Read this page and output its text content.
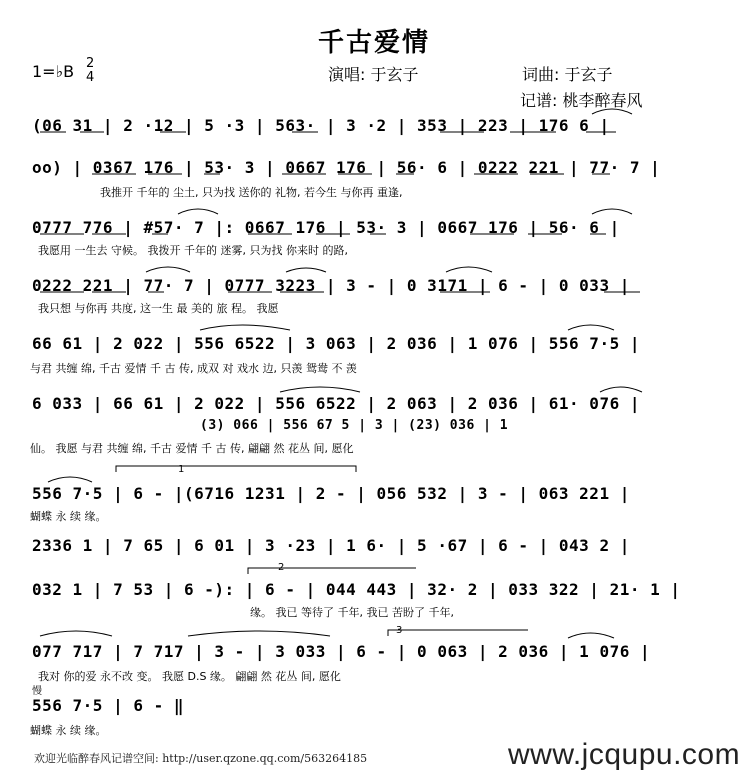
千古爱情
1=♭B 2
4	演唱: 于玄子	词曲: 于玄子
记谱: 桃李醉春风
(06 31 | 2 ·12 | 5 ·3 | 563· | 3 ·2 | 353 | 223 | 176 6 |
oo) | 0367 176 | 53· 3 | 0667 176 | 56· 6 | 0222 221 | 77· 7 |
我推开 千年的 尘土, 只为找 送你的 礼物, 若今生 与你再 重逢,
0777 776 | #57· 7 |: 0667 176 | 53· 3 | 0667 176 | 56· 6 |
我愿用 一生去 守候。 我拨开 千年的 迷雾, 只为找 你来时 的路,
0222 221 | 77· 7 | 0777 3223 | 3 - | 0 3171 | 6 - | 0 033 |
我只想 与你再 共度, 这一生 最 美的 旅 程。 我愿
66 61 | 2 022 | 556 6522 | 3 063 | 2 036 | 1 076 | 556 7·5 |
与君 共缠 绵, 千古 爱情 千 古 传, 成双 对 戏水 边, 只羡 鸳鸯 不 羡
6 033 | 66 61 | 2 022 | 556 6522 | 2 063 | 2 036 | 61· 076 |
(3) 066 | 556 67 5 | 3 | (23) 036 | 1
仙。 我愿 与君 共缠 绵, 千古 爱情 千 古 传, 翩翩 然 花丛 间, 愿化
556 7·5 | 6 - |(6716 1231 | 2 - | 056 532 | 3 - | 063 221 |
蝴蝶 永 续 缘。
2336 1 | 7 65 | 6 01 | 3 ·23 | 1 6· | 5 ·67 | 6 - | 043 2 |
032 1 | 7 53 | 6 -): | 6 - | 044 443 | 32· 2 | 033 322 | 21· 1 |
缘。 我已 等待了 千年, 我已 苦盼了 千年,
077 717 | 7 717 | 3 - | 3 033 | 6 - | 0 063 | 2 036 | 1 076 |
我对 你的爱 永不改 变。 我愿 D.S 缘。 翩翩 然 花丛 间, 愿化
慢
556 7·5 | 6 - ‖
蝴蝶 永 续 缘。
1
2
3
欢迎光临醉春风记谱空间: http://user.qzone.qq.com/563264185	www.jcqupu.com
